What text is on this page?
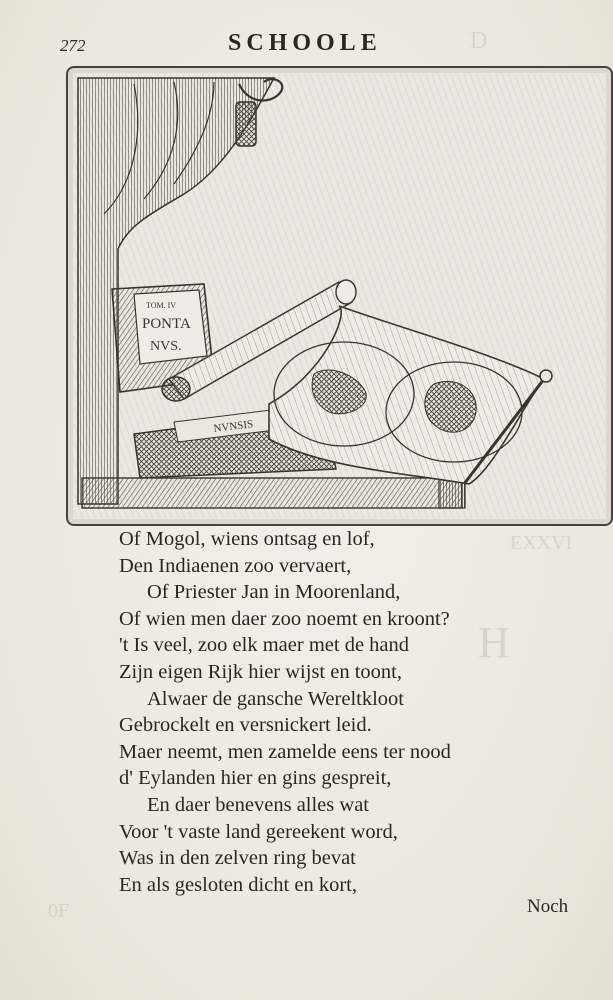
D
EXXVI
H
0F
272	SCHOOLE
TOM. IV
PONTA
NVS.
NVNSIS
Of Mogol, wiens ontsag en lof,
Den Indiaenen zoo vervaert,
Of Priester Jan in Moorenland,
Of wien men daer zoo noemt en kroont?
't Is veel, zoo elk maer met de hand
Zijn eigen Rijk hier wijst en toont,
Alwaer de gansche Wereltkloot
Gebrockelt en versnickert leid.
Maer neemt, men zamelde eens ter nood
d' Eylanden hier en gins gespreit,
En daer benevens alles wat
Voor 't vaste land gereekent word,
Was in den zelven ring bevat
En als gesloten dicht en kort,
Noch
